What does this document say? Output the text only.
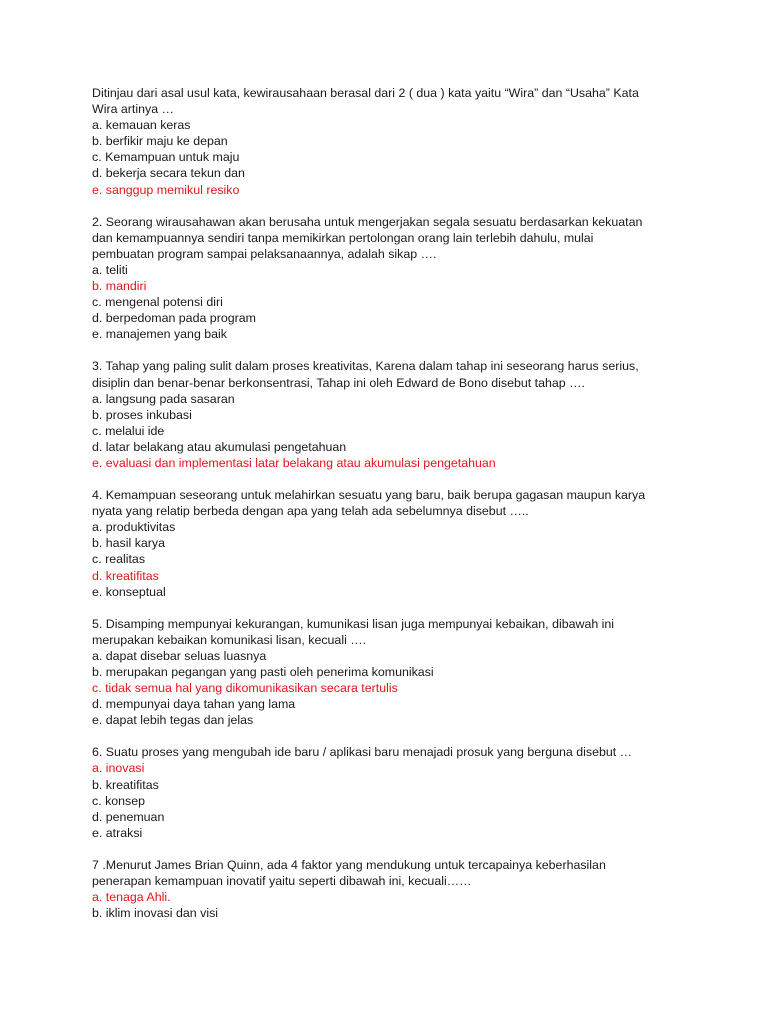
Ditinjau dari asal usul kata, kewirausahaan berasal dari 2 ( dua ) kata yaitu “Wira” dan “Usaha” Kata
Wira artinya …
a. kemauan keras
b. berfikir maju ke depan
c. Kemampuan untuk maju
d. bekerja secara tekun dan
e. sanggup memikul resiko
2. Seorang wirausahawan akan berusaha untuk mengerjakan segala sesuatu berdasarkan kekuatan
dan kemampuannya sendiri tanpa memikirkan pertolongan orang lain terlebih dahulu, mulai
pembuatan program sampai pelaksanaannya, adalah sikap ….
a. teliti
b. mandiri
c. mengenal potensi diri
d. berpedoman pada program
e. manajemen yang baik
3. Tahap yang paling sulit dalam proses kreativitas, Karena dalam tahap ini seseorang harus serius,
disiplin dan benar-benar berkonsentrasi, Tahap ini oleh Edward de Bono disebut tahap ….
a. langsung pada sasaran
b. proses inkubasi
c. melalui ide
d. latar belakang atau akumulasi pengetahuan
e. evaluasi dan implementasi latar belakang atau akumulasi pengetahuan
4. Kemampuan seseorang untuk melahirkan sesuatu yang baru, baik berupa gagasan maupun karya
nyata yang relatip berbeda dengan apa yang telah ada sebelumnya disebut …..
a. produktivitas
b. hasil karya
c. realitas
d. kreatifitas
e. konseptual
5. Disamping mempunyai kekurangan, kumunikasi lisan juga mempunyai kebaikan, dibawah ini
merupakan kebaikan komunikasi lisan, kecuali ….
a. dapat disebar seluas luasnya
b. merupakan pegangan yang pasti oleh penerima komunikasi
c. tidak semua hal yang dikomunikasikan secara tertulis
d. mempunyai daya tahan yang lama
e. dapat lebih tegas dan jelas
6. Suatu proses yang mengubah ide baru / aplikasi baru menajadi prosuk yang berguna disebut …
a. inovasi
b. kreatifitas
c. konsep
d. penemuan
e. atraksi
7 .Menurut James Brian Quinn, ada 4 faktor yang mendukung untuk tercapainya keberhasilan
penerapan kemampuan inovatif yaitu seperti dibawah ini, kecuali……
a. tenaga Ahli.
b. iklim inovasi dan visi
